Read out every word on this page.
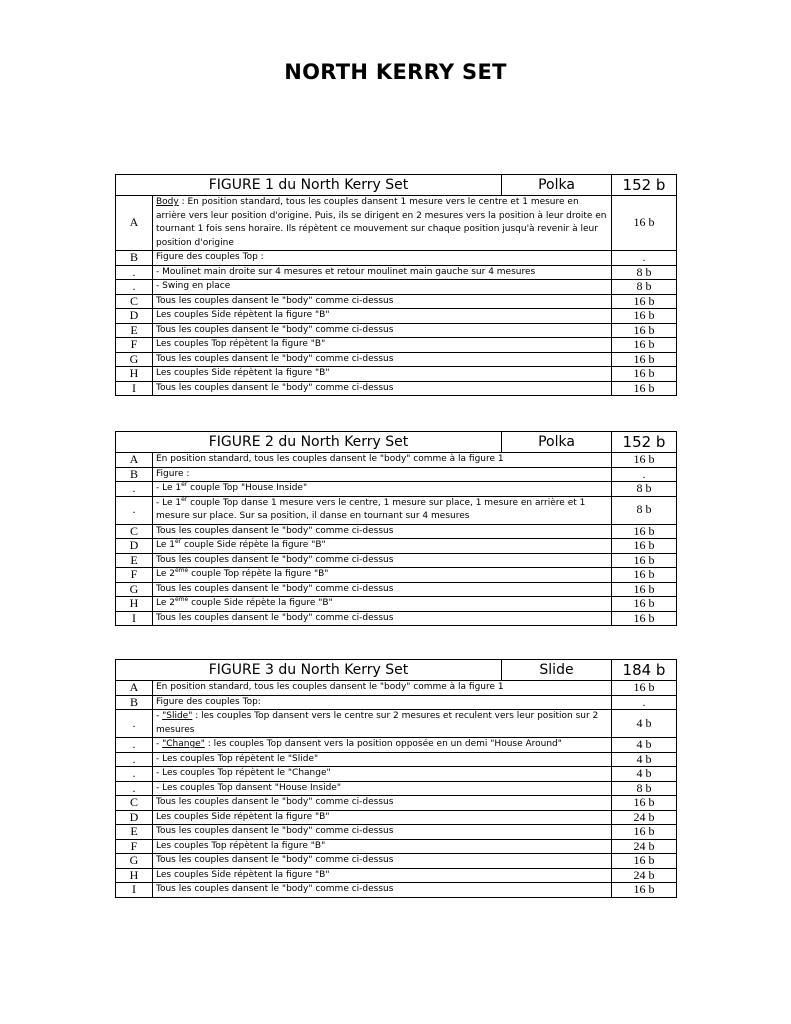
NORTH KERRY SET
FIGURE 1 du North Kerry Set		Polka	152 b
A	Body : En position standard, tous les couples dansent 1 mesure vers le centre et 1 mesure en arrière vers leur position d'origine. Puis, ils se dirigent en 2 mesures vers la position à leur droite en tournant 1 fois sens horaire. Ils répètent ce mouvement sur chaque position jusqu'à revenir à leur position d'origine		16 b
B	Figure des couples Top :		.
.	- Moulinet main droite sur 4 mesures et retour moulinet main gauche sur 4 mesures		8 b
.	- Swing en place		8 b
C	Tous les couples dansent le "body" comme ci-dessus		16 b
D	Les couples Side répètent la figure "B"		16 b
E	Tous les couples dansent le "body" comme ci-dessus		16 b
F	Les couples Top répètent la figure "B"		16 b
G	Tous les couples dansent le "body" comme ci-dessus		16 b
H	Les couples Side répètent la figure "B"		16 b
I	Tous les couples dansent le "body" comme ci-dessus		16 b
FIGURE 2 du North Kerry Set		Polka	152 b
A	En position standard, tous les couples dansent le "body" comme à la figure 1		16 b
B	Figure :		.
.	- Le 1er couple Top "House Inside"		8 b
.	- Le 1er couple Top danse 1 mesure vers le centre, 1 mesure sur place, 1 mesure en arrière et 1 mesure sur place. Sur sa position, il danse en tournant sur 4 mesures		8 b
C	Tous les couples dansent le "body" comme ci-dessus		16 b
D	Le 1er couple Side répète la figure "B"		16 b
E	Tous les couples dansent le "body" comme ci-dessus		16 b
F	Le 2ème couple Top répète la figure "B"		16 b
G	Tous les couples dansent le "body" comme ci-dessus		16 b
H	Le 2ème couple Side répète la figure "B"		16 b
I	Tous les couples dansent le "body" comme ci-dessus		16 b
FIGURE 3 du North Kerry Set		Slide	184 b
A	En position standard, tous les couples dansent le "body" comme à la figure 1		16 b
B	Figure des couples Top:		.
.	- "Slide" : les couples Top dansent vers le centre sur 2 mesures et reculent vers leur position sur 2 mesures		4 b
.	- "Change" : les couples Top dansent vers la position opposée en un demi "House Around"		4 b
.	- Les couples Top répètent le "Slide"		4 b
.	- Les couples Top répètent le "Change"		4 b
.	- Les couples Top dansent "House Inside"		8 b
C	Tous les couples dansent le "body" comme ci-dessus		16 b
D	Les couples Side répètent la figure "B"		24 b
E	Tous les couples dansent le "body" comme ci-dessus		16 b
F	Les couples Top répètent la figure "B"		24 b
G	Tous les couples dansent le "body" comme ci-dessus		16 b
H	Les couples Side répètent la figure "B"		24 b
I	Tous les couples dansent le "body" comme ci-dessus		16 b
